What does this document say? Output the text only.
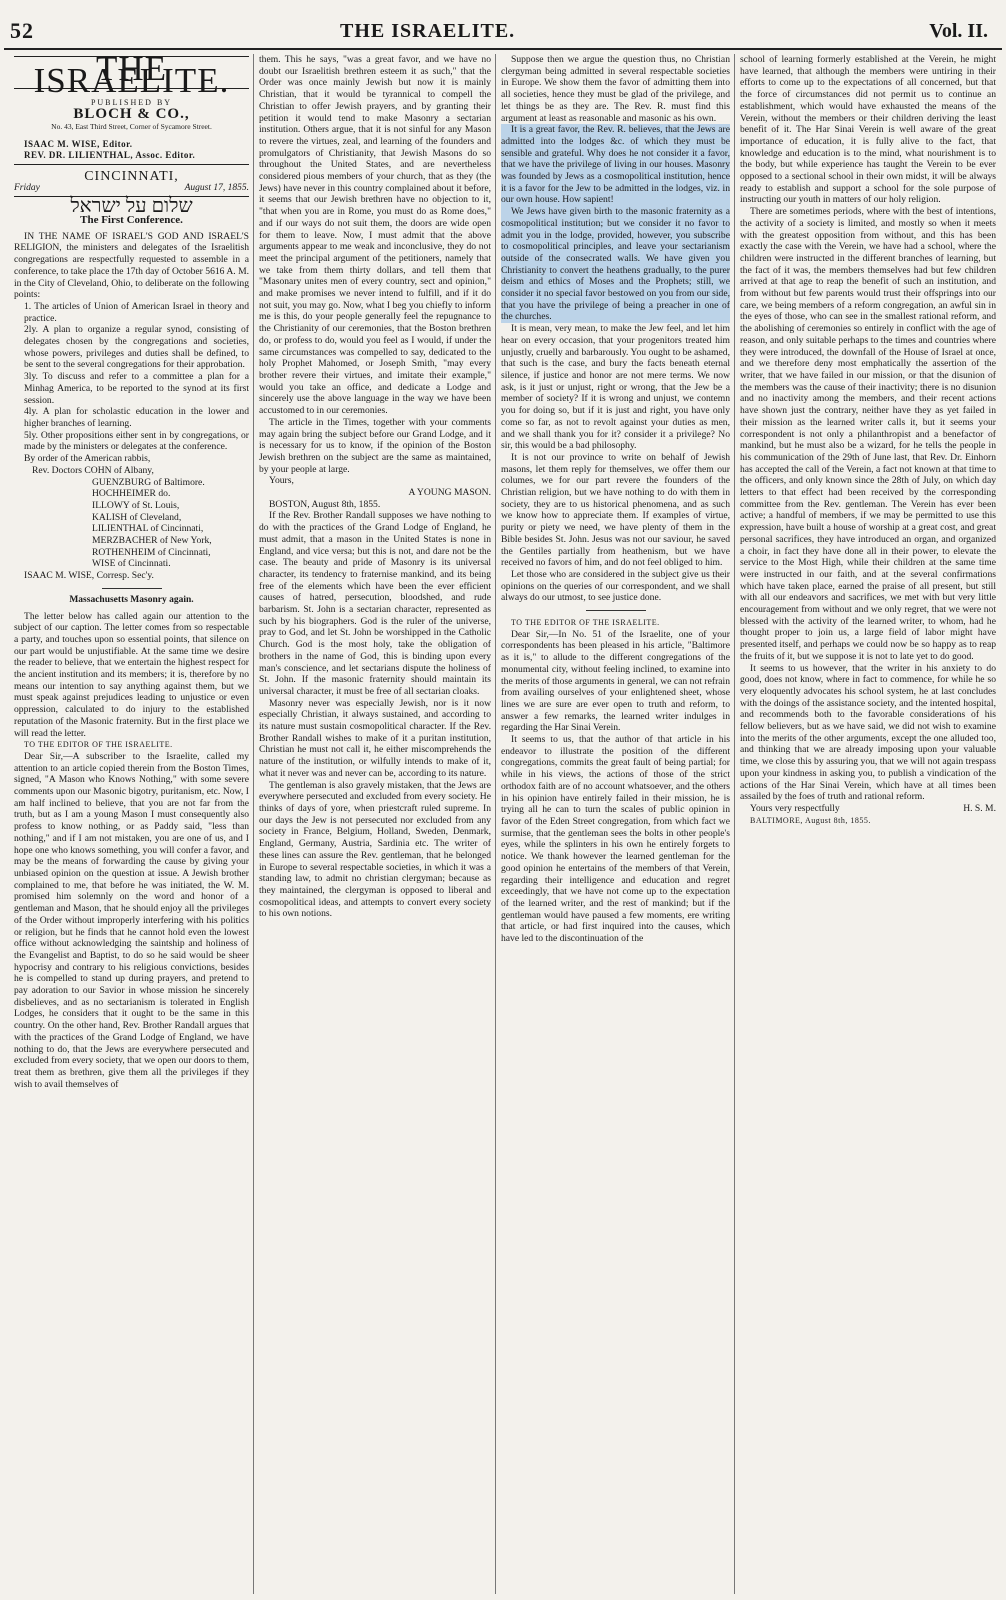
52	THE ISRAELITE.	Vol. II.
THE ISRAELITE.
PUBLISHED BY
BLOCH & CO.,
No. 43, East Third Street, Corner of Sycamore Street.

ISAAC M. WISE, Editor.

REV. DR. LILIENTHAL, Assoc. Editor.

CINCINNATI,
Friday	August 17, 1855.
שלום על ישראל
The First Conference.

IN THE NAME OF ISRAEL'S GOD AND ISRAEL'S RELIGION, the ministers and delegates of the Israelitish congregations are respectfully requested to assemble in a conference, to take place the 17th day of October 5616 A. M. in the City of Cleveland, Ohio, to deliberate on the following points:

1. The articles of Union of American Israel in theory and practice.

2ly. A plan to organize a regular synod, consisting of delegates chosen by the congregations and societies, whose powers, privileges and duties shall be defined, to be sent to the several congregations for their approbation.

3ly. To discuss and refer to a committee a plan for a Minhag America, to be reported to the synod at its first session.

4ly. A plan for scholastic education in the lower and higher branches of learning.

5ly. Other propositions either sent in by congregations, or made by the ministers or delegates at the conference.

By order of the American rabbis,

Rev. Doctors COHN of Albany,
GUENZBURG of Baltimore.
HOCHHEIMER do.
ILLOWY of St. Louis,
KALISH of Cleveland,
LILIENTHAL of Cincinnati,
MERZBACHER of New York,
ROTHENHEIM of Cincinnati,
WISE of Cincinnati.

ISAAC M. WISE, Corresp. Sec'y.

Massachusetts Masonry again.

The letter below has called again our attention to the subject of our caption. The letter comes from so respectable a party, and touches upon so essential points, that silence on our part would be unjustifiable. At the same time we desire the reader to believe, that we entertain the highest respect for the ancient institution and its members; it is, therefore by no means our intention to say anything against them, but we must speak against prejudices leading to unjustice or even oppression, calculated to do injury to the established reputation of the Masonic fraternity. But in the first place we will read the letter.

TO THE EDITOR OF THE ISRAELITE.

Dear Sir,—A subscriber to the Israelite, called my attention to an article copied therein from the Boston Times, signed, "A Mason who Knows Nothing," with some severe comments upon our Masonic bigotry, puritanism, etc. Now, I am half inclined to believe, that you are not far from the truth, but as I am a young Mason I must consequently also profess to know nothing, or as Paddy said, "less than nothing," and if I am not mistaken, you are one of us, and I hope one who knows something, you will confer a favor, and may be the means of forwarding the cause by giving your unbiased opinion on the question at issue. A Jewish brother complained to me, that before he was initiated, the W. M. promised him solemnly on the word and honor of a gentleman and Mason, that he should enjoy all the privileges of the Order without improperly interfering with his politics or religion, but he finds that he cannot hold even the lowest office without acknowledging the saintship and holiness of the Evangelist and Baptist, to do so he said would be sheer hypocrisy and contrary to his religious convictions, besides he is compelled to stand up during prayers, and pretend to pay adoration to our Savior in whose mission he sincerely disbelieves, and as no sectarianism is tolerated in English Lodges, he considers that it ought to be the same in this country. On the other hand, Rev. Brother Randall argues that with the practices of the Grand Lodge of England, we have nothing to do, that the Jews are everywhere persecuted and excluded from every society, that we open our doors to them, treat them as brethren, give them all the privileges if they wish to avail themselves of

them. This he says, "was a great favor, and we have no doubt our Israelitish brethren esteem it as such," that the Order was once mainly Jewish but now it is mainly Christian, that it would be tyrannical to compell the Christian to offer Jewish prayers, and by granting their petition it would tend to make Masonry a sectarian institution. Others argue, that it is not sinful for any Mason to revere the virtues, zeal, and learning of the founders and promulgators of Christianity, that Jewish Masons do so throughout the United States, and are nevertheless considered pious members of your church, that as they (the Jews) have never in this country complained about it before, it seems that our Jewish brethren have no objection to it, "that when you are in Rome, you must do as Rome does," and if our ways do not suit them, the doors are wide open for them to leave. Now, I must admit that the above arguments appear to me weak and inconclusive, they do not meet the principal argument of the petitioners, namely that we take from them thirty dollars, and tell them that "Masonary unites men of every country, sect and opinion," and make promises we never intend to fulfill, and if it do not suit, you may go. Now, what I beg you chiefly to inform me is this, do your people generally feel the repugnance to the Christianity of our ceremonies, that the Boston brethren do, or profess to do, would you feel as I would, if under the same circumstances was compelled to say, dedicated to the holy Prophet Mahomed, or Joseph Smith, "may every brother revere their virtues, and imitate their example," would you take an office, and dedicate a Lodge and sincerely use the above language in the way we have been accustomed to in our ceremonies.

The article in the Times, together with your comments may again bring the subject before our Grand Lodge, and it is necessary for us to know, if the opinion of the Boston Jewish brethren on the subject are the same as maintained, by your people at large.

Yours,

A YOUNG MASON.

BOSTON, August 8th, 1855.

If the Rev. Brother Randall supposes we have nothing to do with the practices of the Grand Lodge of England, he must admit, that a mason in the United States is none in England, and vice versa; but this is not, and dare not be the case. The beauty and pride of Masonry is its universal character, its tendency to fraternise mankind, and its being free of the elements which have been the ever efficient causes of hatred, persecution, bloodshed, and rude barbarism. St. John is a sectarian character, represented as such by his biographers. God is the ruler of the universe, pray to God, and let St. John be worshipped in the Catholic Church. God is the most holy, take the obligation of brothers in the name of God, this is binding upon every man's conscience, and let sectarians dispute the holiness of St. John. If the masonic fraternity should maintain its universal character, it must be free of all sectarian cloaks.

Masonry never was especially Jewish, nor is it now especially Christian, it always sustained, and according to its nature must sustain cosmopolitical character. If the Rev. Brother Randall wishes to make of it a puritan institution, Christian he must not call it, he either miscomprehends the nature of the institution, or wilfully intends to make of it, what it never was and never can be, according to its nature.

The gentleman is also gravely mistaken, that the Jews are everywhere persecuted and excluded from every society. He thinks of days of yore, when priestcraft ruled supreme. In our days the Jew is not persecuted nor excluded from any society in France, Belgium, Holland, Sweden, Denmark, England, Germany, Austria, Sardinia etc. The writer of these lines can assure the Rev. gentleman, that he belonged in Europe to several respectable societies, in which it was a standing law, to admit no christian clergyman; because as they maintained, the clergyman is opposed to liberal and cosmopolitical ideas, and attempts to convert every society to his own notions.

Suppose then we argue the question thus, no Christian clergyman being admitted in several respectable societies in Europe. We show them the favor of admitting them into all societies, hence they must be glad of the privilege, and let things be as they are. The Rev. R. must find this argument at least as reasonable and masonic as his own.

It is a great favor, the Rev. R. believes, that the Jews are admitted into the lodges &c. of which they must be sensible and grateful. Why does he not consider it a favor, that we have the privilege of living in our houses. Masonry was founded by Jews as a cosmopolitical institution, hence it is a favor for the Jew to be admitted in the lodges, viz. in our own house. How sapient!

We Jews have given birth to the masonic fraternity as a cosmopolitical institution; but we consider it no favor to admit you in the lodge, provided, however, you subscribe to cosmopolitical principles, and leave your sectarianism outside of the consecrated walls. We have given you Christianity to convert the heathens gradually, to the purer deism and ethics of Moses and the Prophets; still, we consider it no special favor bestowed on you from our side, that you have the privilege of being a preacher in one of the churches.

It is mean, very mean, to make the Jew feel, and let him hear on every occasion, that your progenitors treated him unjustly, cruelly and barbarously. You ought to be ashamed, that such is the case, and bury the facts beneath eternal silence, if justice and honor are not mere terms. We now ask, is it just or unjust, right or wrong, that the Jew be a member of society? If it is wrong and unjust, we contemn you for doing so, but if it is just and right, you have only come so far, as not to revolt against your duties as men, and we shall thank you for it? consider it a privilege? No sir, this would be a bad philosophy.

It is not our province to write on behalf of Jewish masons, let them reply for themselves, we offer them our columes, we for our part revere the founders of the Christian religion, but we have nothing to do with them in society, they are to us historical phenomena, and as such we know how to appreciate them. If examples of virtue, purity or piety we need, we have plenty of them in the Bible besides St. John. Jesus was not our saviour, he saved the Gentiles partially from heathenism, but we have received no favors of him, and do not feel obliged to him.

Let those who are considered in the subject give us their opinions on the queries of our correspondent, and we shall always do our utmost, to see justice done.

TO THE EDITOR OF THE ISRAELITE.

Dear Sir,—In No. 51 of the Israelite, one of your correspondents has been pleased in his article, "Baltimore as it is," to allude to the different congregations of the monumental city, without feeling inclined, to examine into the merits of those arguments in general, we can not refrain from availing ourselves of your enlightened sheet, whose lines we are sure are ever open to truth and reform, to answer a few remarks, the learned writer indulges in regarding the Har Sinai Verein.

It seems to us, that the author of that article in his endeavor to illustrate the position of the different congregations, commits the great fault of being partial; for while in his views, the actions of those of the strict orthodox faith are of no account whatsoever, and the others in his opinion have entirely failed in their mission, he is trying all he can to turn the scales of public opinion in favor of the Eden Street congregation, from which fact we surmise, that the gentleman sees the bolts in other people's eyes, while the splinters in his own he entirely forgets to notice. We thank however the learned gentleman for the good opinion he entertains of the members of that Verein, regarding their intelligence and education and regret exceedingly, that we have not come up to the expectation of the learned writer, and the rest of mankind; but if the gentleman would have paused a few moments, ere writing that article, or had first inquired into the causes, which have led to the discontinuation of the

school of learning formerly established at the Verein, he might have learned, that although the members were untiring in their efforts to come up to the expectations of all concerned, but that the force of circumstances did not permit us to continue an establishment, which would have exhausted the means of the Verein, without the members or their children deriving the least benefit of it. The Har Sinai Verein is well aware of the great importance of education, it is fully alive to the fact, that knowledge and education is to the mind, what nourishment is to the body, but while experience has taught the Verein to be ever opposed to a sectional school in their own midst, it will be always ready to establish and support a school for the sole purpose of instructing our youth in matters of our holy religion.

There are sometimes periods, where with the best of intentions, the activity of a society is limited, and mostly so when it meets with the greatest opposition from without, and this has been exactly the case with the Verein, we have had a school, where the children were instructed in the different branches of learning, but the fact of it was, the members themselves had but few children arrived at that age to reap the benefit of such an institution, and from without but few parents would trust their offsprings into our care, we being members of a reform congregation, an awful sin in the eyes of those, who can see in the smallest rational reform, and the abolishing of ceremonies so entirely in conflict with the age of reason, and only suitable perhaps to the times and countries where they were introduced, the downfall of the House of Israel at once, and we therefore deny most emphatically the assertion of the writer, that we have failed in our mission, or that the disunion of the members was the cause of their inactivity; there is no disunion and no inactivity among the members, and their recent actions have shown just the contrary, neither have they as yet failed in their mission as the learned writer calls it, but it seems your correspondent is not only a philanthropist and a benefactor of mankind, but he must also be a wizard, for he tells the people in his communication of the 29th of June last, that Rev. Dr. Einhorn has accepted the call of the Verein, a fact not known at that time to the officers, and only known since the 28th of July, on which day letters to that effect had been received by the corresponding committee from the Rev. gentleman. The Verein has ever been active; a handful of members, if we may be permitted to use this expression, have built a house of worship at a great cost, and great personal sacrifices, they have introduced an organ, and organized a choir, in fact they have done all in their power, to elevate the service to the Most High, while their children at the same time were instructed in our faith, and at the several confirmations which have taken place, earned the praise of all present, but still with all our endeavors and sacrifices, we met with but very little encouragement from without and we only regret, that we were not blessed with the activity of the learned writer, to whom, had he thought proper to join us, a large field of labor might have presented itself, and perhaps we could now be so happy as to reap the fruits of it, but we suppose it is not to late yet to do good.

It seems to us however, that the writer in his anxiety to do good, does not know, where in fact to commence, for while he so very eloquently advocates his school system, he at last concludes with the doings of the assistance society, and the intented hospital, and recommends both to the favorable considerations of his fellow believers, but as we have said, we did not wish to examine into the merits of the other arguments, except the one alluded too, and thinking that we are already imposing upon your valuable time, we close this by assuring you, that we will not again trespass upon your kindness in asking you, to publish a vindication of the actions of the Har Sinai Verein, which have at all times been assailed by the foes of truth and rational reform.

Yours very respectfully	H. S. M.

BALTIMORE, August 8th, 1855.
